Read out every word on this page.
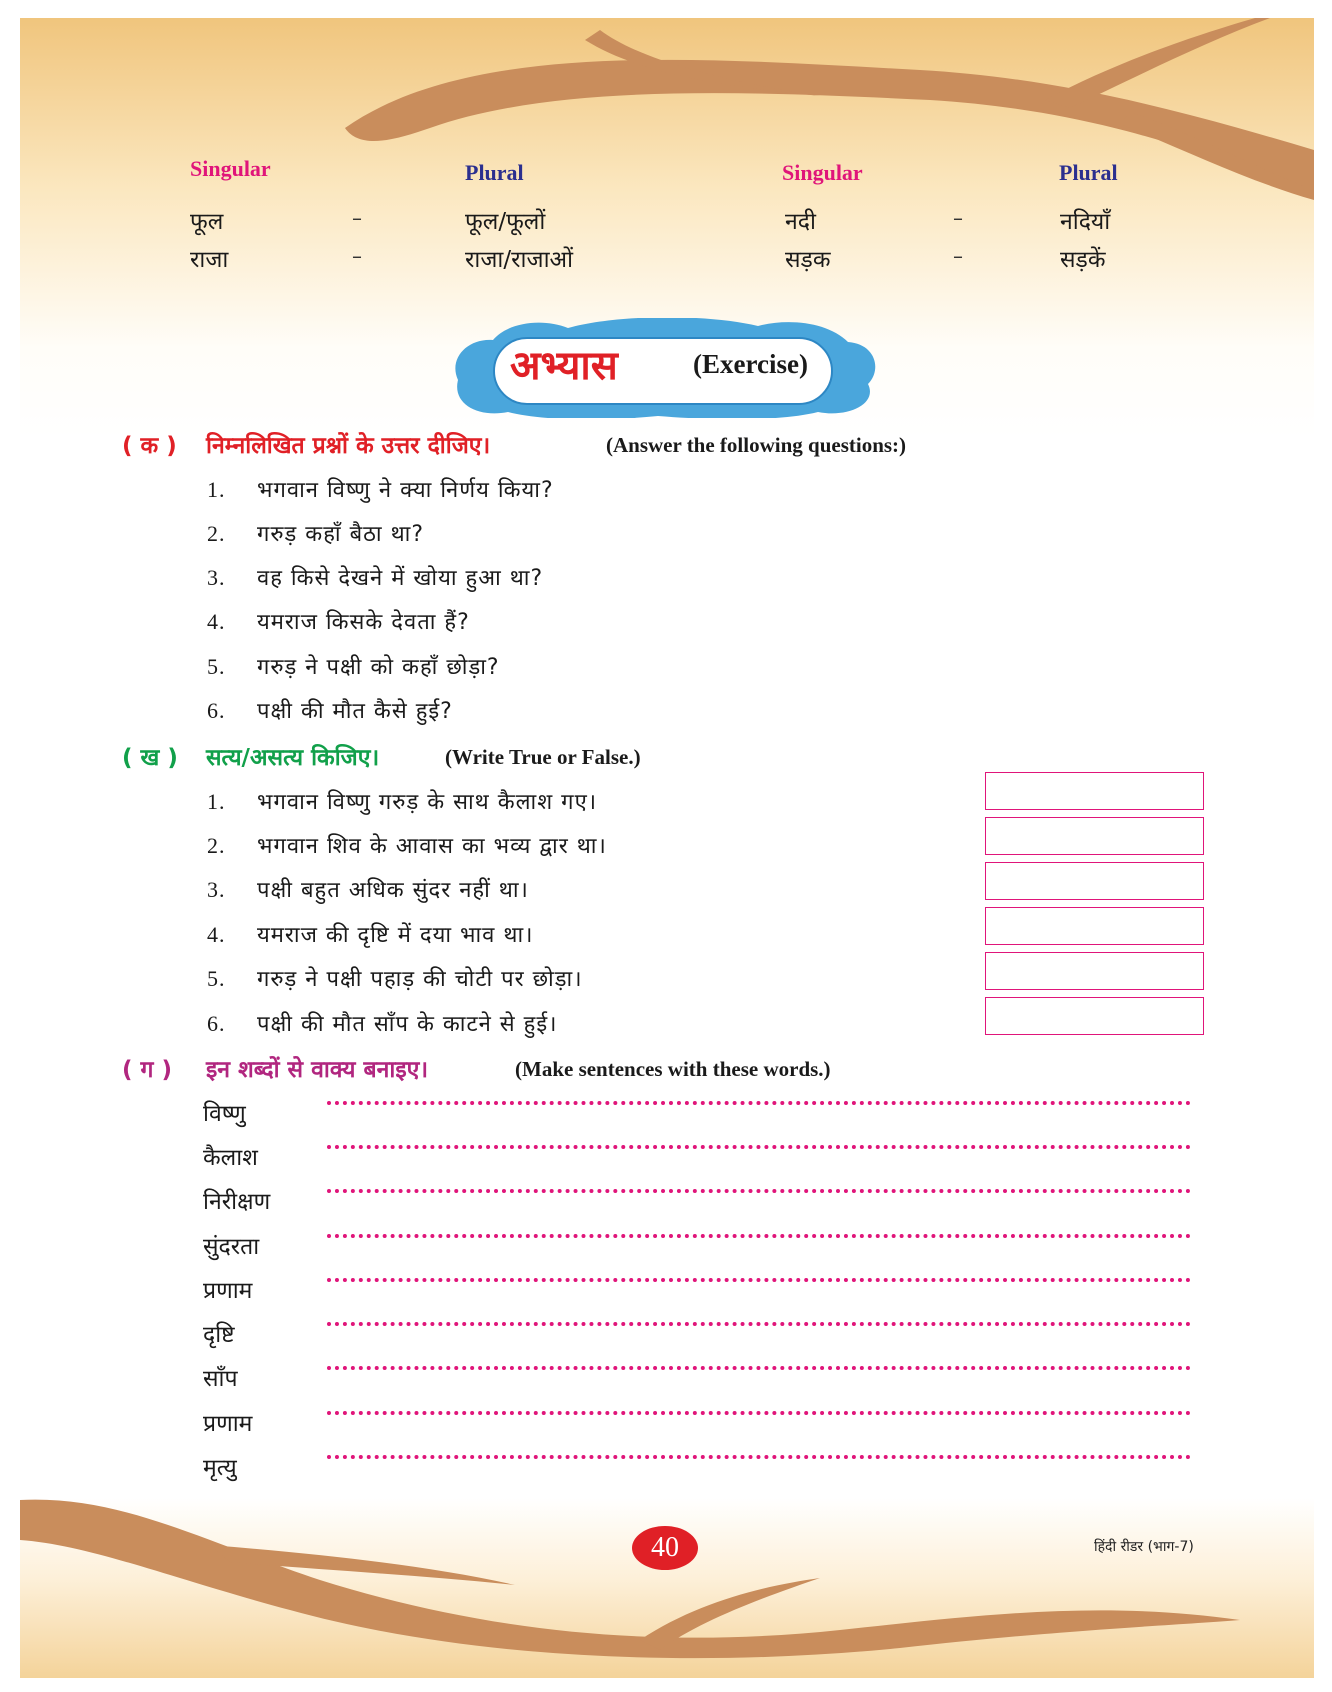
Singular	Plural	Singular	Plural
फूल	–	फूल/फूलों	नदी	–	नदियाँ
राजा	–	राजा/राजाओं	सड़क	–	सड़कें
अभ्यास	(Exercise)
( क ) निम्नलिखित प्रश्नों के उत्तर दीजिए।	(Answer the following questions:)
1. भगवान विष्णु ने क्या निर्णय किया?
2. गरुड़ कहाँ बैठा था?
3. वह किसे देखने में खोया हुआ था?
4. यमराज किसके देवता हैं?
5. गरुड़ ने पक्षी को कहाँ छोड़ा?
6. पक्षी की मौत कैसे हुई?
( ख ) सत्य/असत्य किजिए।	(Write True or False.)
1. भगवान विष्णु गरुड़ के साथ कैलाश गए।
2. भगवान शिव के आवास का भव्य द्वार था।
3. पक्षी बहुत अधिक सुंदर नहीं था।
4. यमराज की दृष्टि में दया भाव था।
5. गरुड़ ने पक्षी पहाड़ की चोटी पर छोड़ा।
6. पक्षी की मौत साँप के काटने से हुई।
( ग ) इन शब्दों से वाक्य बनाइए।	(Make sentences with these words.)
विष्णु
कैलाश
निरीक्षण
सुंदरता
प्रणाम
दृष्टि
साँप
प्रणाम
मृत्यु
40	हिंदी रीडर (भाग-7)
